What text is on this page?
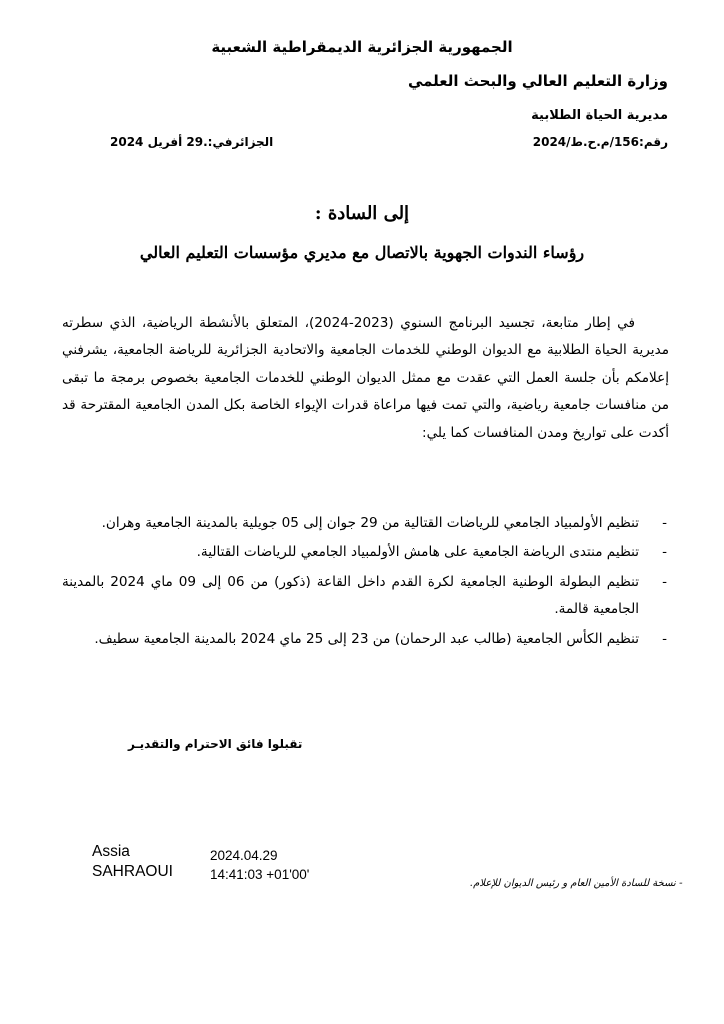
الجمهورية الجزائرية الديمقراطية الشعبية
وزارة التعليم العالي والبحث العلمي
مديرية الحياة الطلابية
رقم:156/م.ح.ط/2024
الجزائرفي:.29 أفريل 2024
إلى السادة :
رؤساء الندوات الجهوية بالاتصال مع مديري مؤسسات التعليم العالي

في إطار متابعة، تجسيد البرنامج السنوي (2023-2024)، المتعلق بالأنشطة الرياضية، الذي سطرته مديرية الحياة الطلابية مع الديوان الوطني للخدمات الجامعية والاتحادية الجزائرية للرياضة الجامعية، يشرفني إعلامكم بأن جلسة العمل التي عقدت مع ممثل الديوان الوطني للخدمات الجامعية بخصوص برمجة ما تبقى من منافسات جامعية رياضية، والتي تمت فيها مراعاة قدرات الإيواء الخاصة بكل المدن الجامعية المقترحة قد أكدت على تواريخ ومدن المنافسات كما يلي:

- تنظيم الأولمبياد الجامعي للرياضات القتالية من 29 جوان إلى 05 جويلية بالمدينة الجامعية وهران.
- تنظيم منتدى الرياضة الجامعية على هامش الأولمبياد الجامعي للرياضات القتالية.
- تنظيم البطولة الوطنية الجامعية لكرة القدم داخل القاعة (ذكور) من 06 إلى 09 ماي 2024 بالمدينة الجامعية قالمة.
- تنظيم الكأس الجامعية (طالب عبد الرحمان) من 23 إلى 25 ماي 2024 بالمدينة الجامعية سطيف.
تقبلوا فائق الاحترام والتقديـر
Assia
SAHRAOUI
2024.04.29
14:41:03 +01'00'
- نسخة للسادة الأمين العام و رئيس الديوان للإعلام.
